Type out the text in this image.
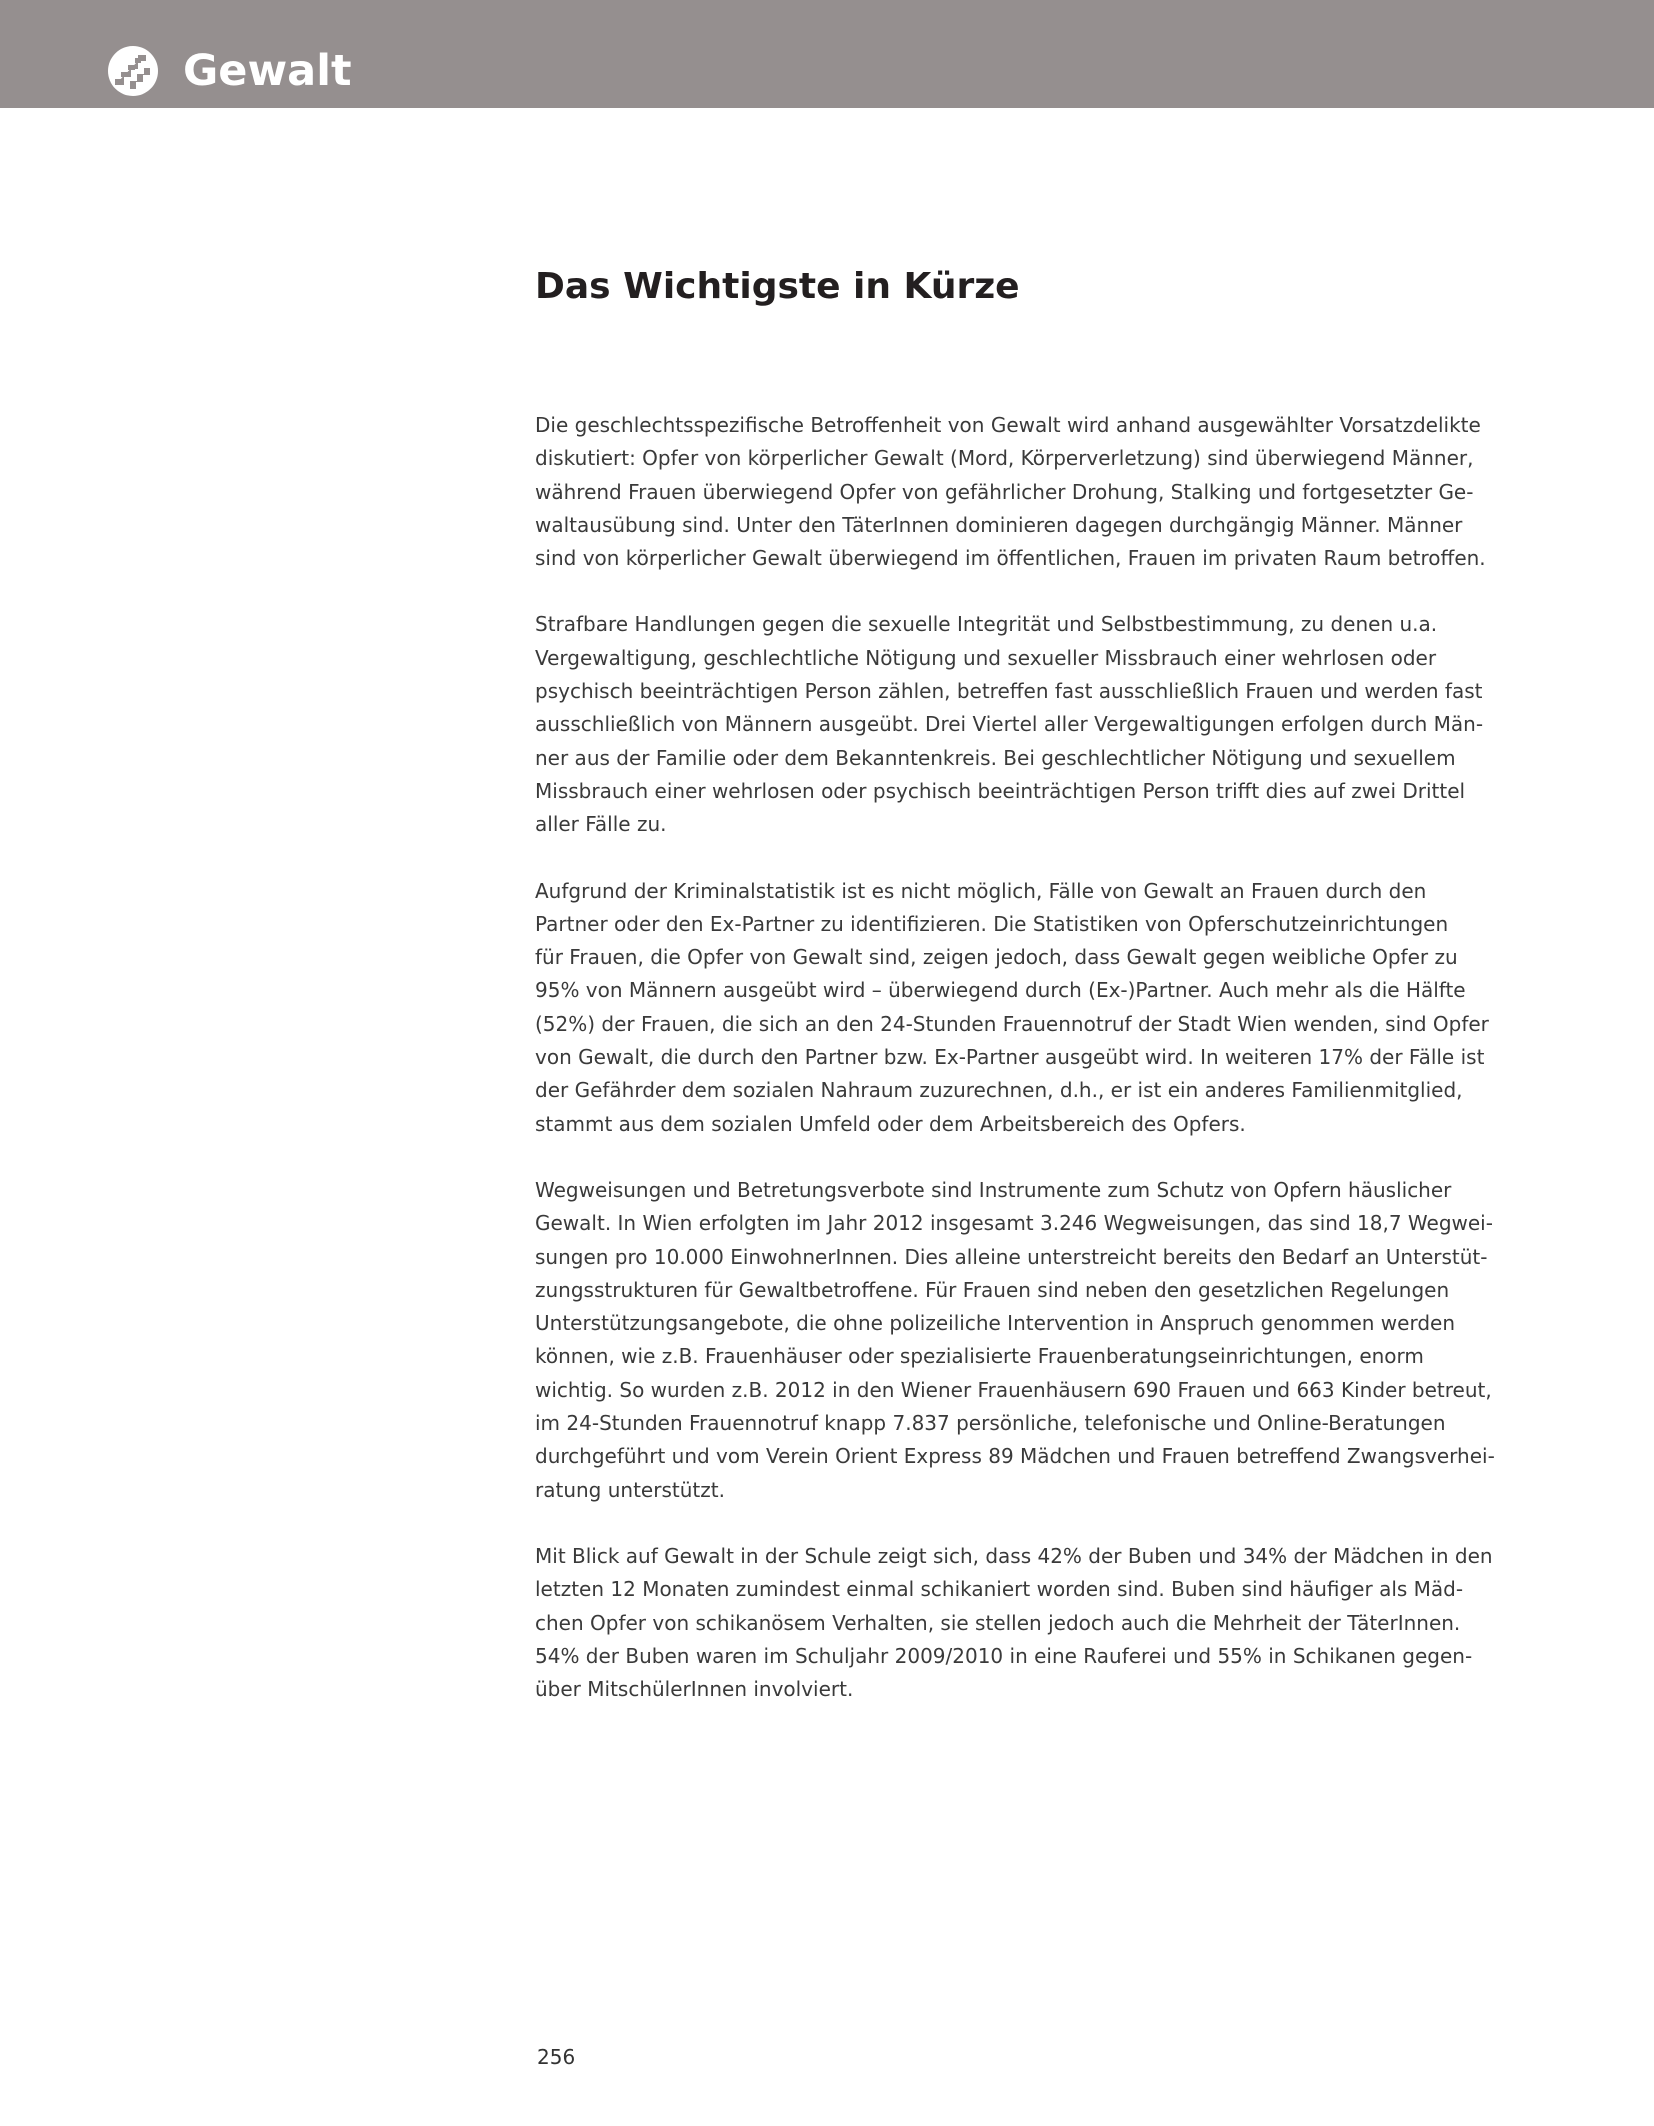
Gewalt
Das Wichtigste in Kürze
Die geschlechtsspezifische Betroffenheit von Gewalt wird anhand ausgewählter Vorsatzdelikte
diskutiert: Opfer von körperlicher Gewalt (Mord, Körperverletzung) sind überwiegend Männer,
während Frauen überwiegend Opfer von gefährlicher Drohung, Stalking und fortgesetzter Ge-
waltausübung sind. Unter den TäterInnen dominieren dagegen durchgängig Männer. Männer
sind von körperlicher Gewalt überwiegend im öffentlichen, Frauen im privaten Raum betroffen.
Strafbare Handlungen gegen die sexuelle Integrität und Selbstbestimmung, zu denen u.a.
Vergewaltigung, geschlechtliche Nötigung und sexueller Missbrauch einer wehrlosen oder
psychisch beeinträchtigen Person zählen, betreffen fast ausschließlich Frauen und werden fast
ausschließlich von Männern ausgeübt. Drei Viertel aller Vergewaltigungen erfolgen durch Män-
ner aus der Familie oder dem Bekanntenkreis. Bei geschlechtlicher Nötigung und sexuellem
Missbrauch einer wehrlosen oder psychisch beeinträchtigen Person trifft dies auf zwei Drittel
aller Fälle zu.
Aufgrund der Kriminalstatistik ist es nicht möglich, Fälle von Gewalt an Frauen durch den
Partner oder den Ex-Partner zu identifizieren. Die Statistiken von Opferschutzeinrichtungen
für Frauen, die Opfer von Gewalt sind, zeigen jedoch, dass Gewalt gegen weibliche Opfer zu
95% von Männern ausgeübt wird – überwiegend durch (Ex-)Partner. Auch mehr als die Hälfte
(52%) der Frauen, die sich an den 24-Stunden Frauennotruf der Stadt Wien wenden, sind Opfer
von Gewalt, die durch den Partner bzw. Ex-Partner ausgeübt wird. In weiteren 17% der Fälle ist
der Gefährder dem sozialen Nahraum zuzurechnen, d.h., er ist ein anderes Familienmitglied,
stammt aus dem sozialen Umfeld oder dem Arbeitsbereich des Opfers.
Wegweisungen und Betretungsverbote sind Instrumente zum Schutz von Opfern häuslicher
Gewalt. In Wien erfolgten im Jahr 2012 insgesamt 3.246 Wegweisungen, das sind 18,7 Wegwei-
sungen pro 10.000 EinwohnerInnen. Dies alleine unterstreicht bereits den Bedarf an Unterstüt-
zungsstrukturen für Gewaltbetroffene. Für Frauen sind neben den gesetzlichen Regelungen
Unterstützungsangebote, die ohne polizeiliche Intervention in Anspruch genommen werden
können, wie z.B. Frauenhäuser oder spezialisierte Frauenberatungseinrichtungen, enorm
wichtig. So wurden z.B. 2012 in den Wiener Frauenhäusern 690 Frauen und 663 Kinder betreut,
im 24-Stunden Frauennotruf knapp 7.837 persönliche, telefonische und Online-Beratungen
durchgeführt und vom Verein Orient Express 89 Mädchen und Frauen betreffend Zwangsverhei-
ratung unterstützt.
Mit Blick auf Gewalt in der Schule zeigt sich, dass 42% der Buben und 34% der Mädchen in den
letzten 12 Monaten zumindest einmal schikaniert worden sind. Buben sind häufiger als Mäd-
chen Opfer von schikanösem Verhalten, sie stellen jedoch auch die Mehrheit der TäterInnen.
54% der Buben waren im Schuljahr 2009/2010 in eine Rauferei und 55% in Schikanen gegen-
über MitschülerInnen involviert.
256
